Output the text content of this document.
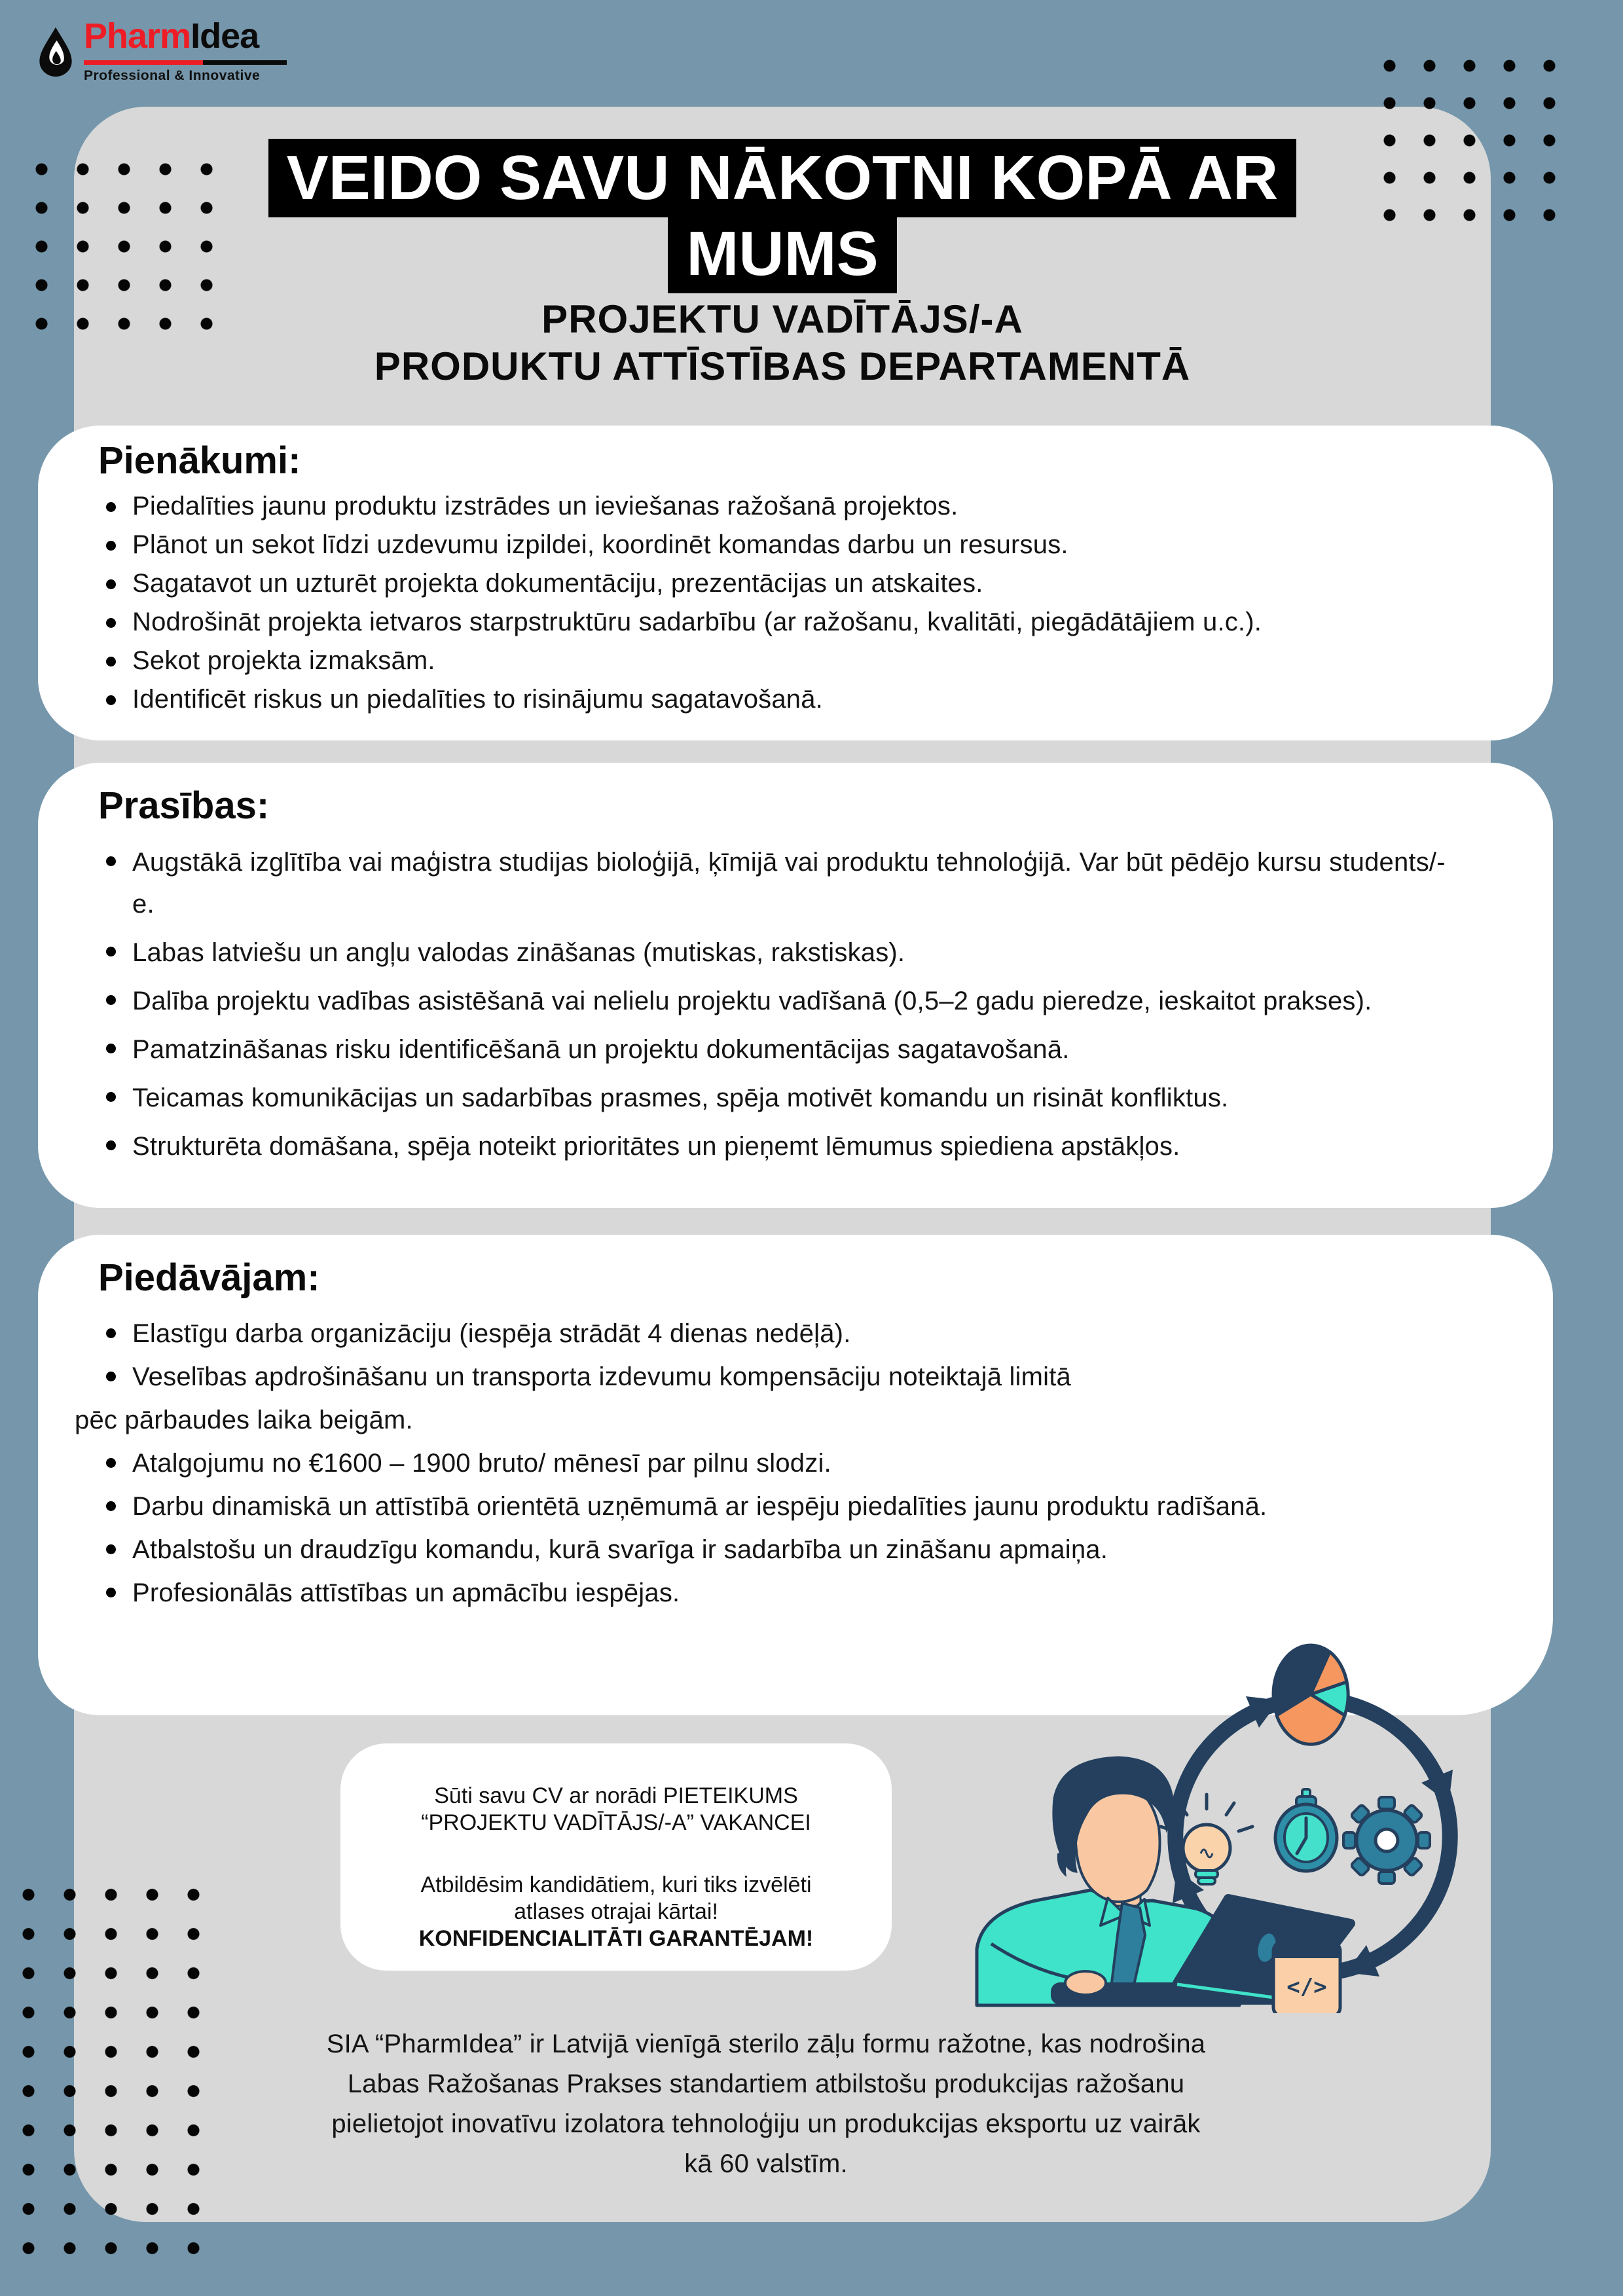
PharmIdea
Professional & Innovative
VEIDO SAVU NĀKOTNI KOPĀ AR
MUMS
PROJEKTU VADĪTĀJS/-A
PRODUKTU ATTĪSTĪBAS DEPARTAMENTĀ
Pienākumi:
Piedalīties jaunu produktu izstrādes un ieviešanas ražošanā projektos.
Plānot un sekot līdzi uzdevumu izpildei, koordinēt komandas darbu un resursus.
Sagatavot un uzturēt projekta dokumentāciju, prezentācijas un atskaites.
Nodrošināt projekta ietvaros starpstruktūru sadarbību (ar ražošanu, kvalitāti, piegādātājiem u.c.).
Sekot projekta izmaksām.
Identificēt riskus un piedalīties to risinājumu sagatavošanā.
Prasības:
Augstākā izglītība vai maģistra studijas bioloģijā, ķīmijā vai produktu tehnoloģijā. Var būt pēdējo kursu students/-e.
Labas latviešu un angļu valodas zināšanas (mutiskas, rakstiskas).
Dalība projektu vadības asistēšanā vai nelielu projektu vadīšanā (0,5–2 gadu pieredze, ieskaitot prakses).
Pamatzināšanas risku identificēšanā un projektu dokumentācijas sagatavošanā.
Teicamas komunikācijas un sadarbības prasmes, spēja motivēt komandu un risināt konfliktus.
Strukturēta domāšana, spēja noteikt prioritātes un pieņemt lēmumus spiediena apstākļos.
Piedāvājam:
Elastīgu darba organizāciju (iespēja strādāt 4 dienas nedēļā).
Veselības apdrošināšanu un transporta izdevumu kompensāciju noteiktajā limitā
pēc pārbaudes laika beigām.
Atalgojumu no €1600 – 1900 bruto/ mēnesī par pilnu slodzi.
Darbu dinamiskā un attīstībā orientētā uzņēmumā ar iespēju piedalīties jaunu produktu radīšanā.
Atbalstošu un draudzīgu komandu, kurā svarīga ir sadarbība un zināšanu apmaiņa.
Profesionālās attīstības un apmācību iespējas.
Sūti savu CV ar norādi PIETEIKUMS
“PROJEKTU VADĪTĀJS/-A” VAKANCEI
Atbildēsim kandidātiem, kuri tiks izvēlēti
atlases otrajai kārtai!
KONFIDENCIALITĀTI GARANTĒJAM!
</>
SIA “PharmIdea” ir Latvijā vienīgā sterilo zāļu formu ražotne, kas nodrošina
Labas Ražošanas Prakses standartiem atbilstošu produkcijas ražošanu
pielietojot inovatīvu izolatora tehnoloģiju un produkcijas eksportu uz vairāk
kā 60 valstīm.
